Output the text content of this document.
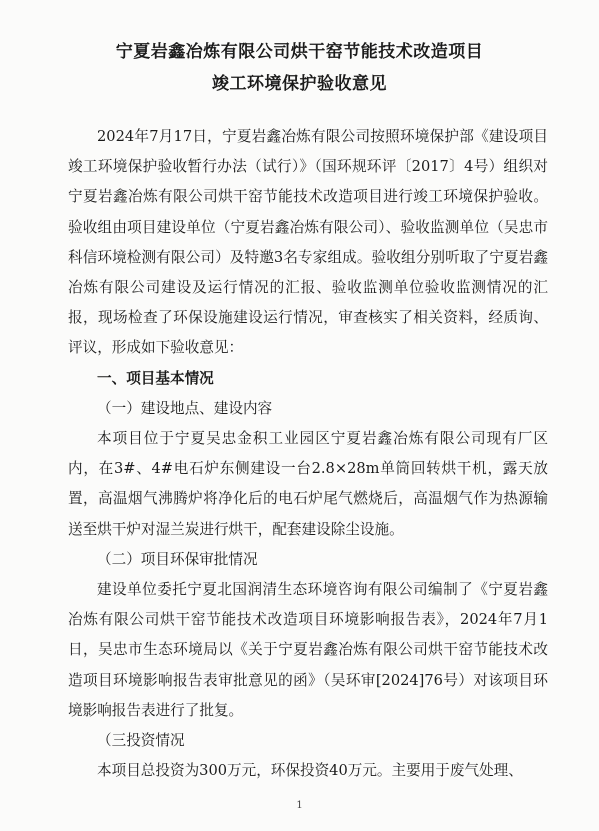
宁夏岩鑫冶炼有限公司烘干窑节能技术改造项目
竣工环境保护验收意见

2024年7月17日，宁夏岩鑫冶炼有限公司按照环境保护部《建设项目竣工环境保护验收暂行办法（试行）》（国环规环评〔2017〕4号）组织对宁夏岩鑫冶炼有限公司烘干窑节能技术改造项目进行竣工环境保护验收。验收组由项目建设单位（宁夏岩鑫冶炼有限公司）、验收监测单位（吴忠市科信环境检测有限公司）及特邀3名专家组成。验收组分别听取了宁夏岩鑫冶炼有限公司建设及运行情况的汇报、验收监测单位验收监测情况的汇报，现场检查了环保设施建设运行情况，审查核实了相关资料，经质询、评议，形成如下验收意见：

一、项目基本情况

（一）建设地点、建设内容

本项目位于宁夏吴忠金积工业园区宁夏岩鑫冶炼有限公司现有厂区内，在3#、4#电石炉东侧建设一台2.8×28m单筒回转烘干机，露天放置，高温烟气沸腾炉将净化后的电石炉尾气燃烧后，高温烟气作为热源输送至烘干炉对湿兰炭进行烘干，配套建设除尘设施。

（二）项目环保审批情况

建设单位委托宁夏北国润清生态环境咨询有限公司编制了《宁夏岩鑫冶炼有限公司烘干窑节能技术改造项目环境影响报告表》，2024年7月1日，吴忠市生态环境局以《关于宁夏岩鑫冶炼有限公司烘干窑节能技术改造项目环境影响报告表审批意见的函》（吴环审[2024]76号）对该项目环境影响报告表进行了批复。

（三投资情况

本项目总投资为300万元，环保投资40万元。主要用于废气处理、

1
